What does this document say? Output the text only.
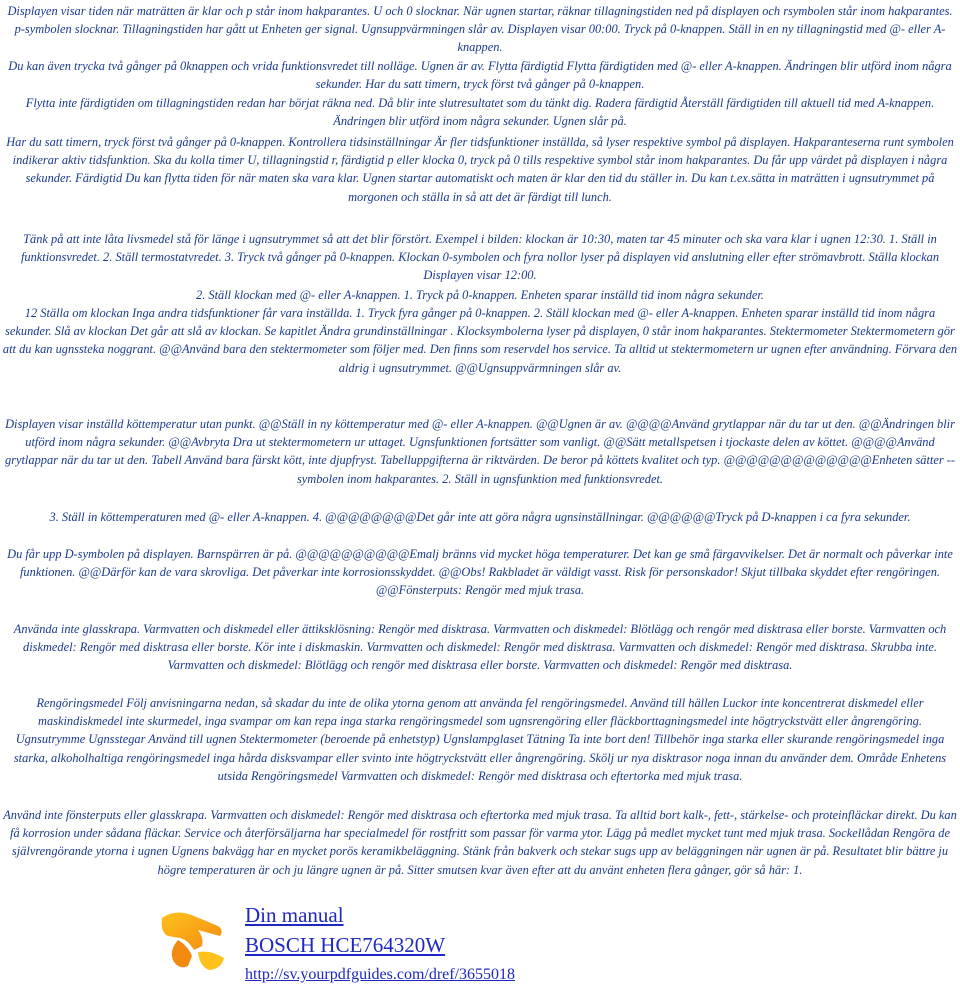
Displayen visar tiden när maträtten är klar och p står inom hakparantes. U och 0 slocknar. När ugnen startar, räknar tillagningstiden ned på displayen och rsymbolen står inom hakparantes. p-symbolen slocknar. Tillagningstiden har gått ut Enheten ger signal. Ugnsuppvärmningen slår av. Displayen visar 00:00. Tryck på 0-knappen. Ställ in en ny tillagningstid med @- eller A-knappen.

Du kan även trycka två gånger på 0knappen och vrida funktionsvredet till nolläge. Ugnen är av. Flytta färdigtid Flytta färdigtiden med @- eller A-knappen. Ändringen blir utförd inom några sekunder. Har du satt timern, tryck först två gånger på 0-knappen.

Flytta inte färdigtiden om tillagningstiden redan har börjat räkna ned. Då blir inte slutresultatet som du tänkt dig. Radera färdigtid Återställ färdigtiden till aktuell tid med A-knappen. Ändringen blir utförd inom några sekunder. Ugnen slår på.

Har du satt timern, tryck först två gånger på 0-knappen. Kontrollera tidsinställningar Är fler tidsfunktioner inställda, så lyser respektive symbol på displayen. Hakparanteserna runt symbolen indikerar aktiv tidsfunktion. Ska du kolla timer U, tillagningstid r, färdigtid p eller klocka 0, tryck på 0 tills respektive symbol står inom hakparantes. Du får upp värdet på displayen i några sekunder. Färdigtid Du kan flytta tiden för när maten ska vara klar. Ugnen startar automatiskt och maten är klar den tid du ställer in. Du kan t.ex.sätta in maträtten i ugnsutrymmet på morgonen och ställa in så att det är färdigt till lunch.

Tänk på att inte låta livsmedel stå för länge i ugnsutrymmet så att det blir förstört. Exempel i bilden: klockan är 10:30, maten tar 45 minuter och ska vara klar i ugnen 12:30. 1. Ställ in funktionsvredet. 2. Ställ termostatvredet. 3. Tryck två gånger på 0-knappen. Klockan 0-symbolen och fyra nollor lyser på displayen vid anslutning eller efter strömavbrott. Ställa klockan Displayen visar 12:00.

2. Ställ klockan med @- eller A-knappen. 1. Tryck på 0-knappen. Enheten sparar inställd tid inom några sekunder.

12 Ställa om klockan Inga andra tidsfunktioner får vara inställda. 1. Tryck fyra gånger på 0-knappen. 2. Ställ klockan med @- eller A-knappen. Enheten sparar inställd tid inom några sekunder. Slå av klockan Det går att slå av klockan. Se kapitlet Ändra grundinställningar . Klocksymbolerna lyser på displayen, 0 står inom hakparantes. Stektermometer Stektermometern gör att du kan ugnssteka noggrant. @@Använd bara den stektermometer som följer med. Den finns som reservdel hos service. Ta alltid ut stektermometern ur ugnen efter användning. Förvara den aldrig i ugnsutrymmet. @@Ugnsuppvärmningen slår av.

Displayen visar inställd köttemperatur utan punkt. @@Ställ in ny köttemperatur med @- eller A-knappen. @@Ugnen är av. @@@@Använd grytlappar när du tar ut den. @@Ändringen blir utförd inom några sekunder. @@Avbryta Dra ut stektermometern ur uttaget. Ugnsfunktionen fortsätter som vanligt. @@Sätt metallspetsen i tjockaste delen av köttet. @@@@Använd grytlappar när du tar ut den. Tabell Använd bara färskt kött, inte djupfryst. Tabelluppgifterna är riktvärden. De beror på köttets kvalitet och typ. @@@@@@@@@@@@@Enheten sätter --symbolen inom hakparantes. 2. Ställ in ugnsfunktion med funktionsvredet.

3. Ställ in köttemperaturen med @- eller A-knappen. 4. @@@@@@@@Det går inte att göra några ugnsinställningar. @@@@@@Tryck på D-knappen i ca fyra sekunder.

Du får upp D-symbolen på displayen. Barnspärren är på. @@@@@@@@@@Emalj bränns vid mycket höga temperaturer. Det kan ge små färgavvikelser. Det är normalt och påverkar inte funktionen. @@Därför kan de vara skrovliga. Det påverkar inte korrosionsskyddet. @@Obs! Rakbladet är väldigt vasst. Risk för personskador! Skjut tillbaka skyddet efter rengöringen. @@Fönsterputs: Rengör med mjuk trasa.

Använda inte glasskrapa. Varmvatten och diskmedel eller ättiksklösning: Rengör med disktrasa. Varmvatten och diskmedel: Blötlägg och rengör med disktrasa eller borste. Varmvatten och diskmedel: Rengör med disktrasa eller borste. Kör inte i diskmaskin. Varmvatten och diskmedel: Rengör med disktrasa. Varmvatten och diskmedel: Rengör med disktrasa. Skrubba inte. Varmvatten och diskmedel: Blötlägg och rengör med disktrasa eller borste. Varmvatten och diskmedel: Rengör med disktrasa.

Rengöringsmedel Följ anvisningarna nedan, så skadar du inte de olika ytorna genom att använda fel rengöringsmedel. Använd till hällen Luckor inte koncentrerat diskmedel eller maskindiskmedel inte skurmedel, inga svampar om kan repa inga starka rengöringsmedel som ugnsrengöring eller fläckborttagningsmedel inte högtryckstvätt eller ångrengöring. Ugnsutrymme Ugnsstegar Använd till ugnen Stektermometer (beroende på enhetstyp) Ugnslampglaset Tätning Ta inte bort den! Tillbehör inga starka eller skurande rengöringsmedel inga starka, alkoholhaltiga rengöringsmedel inga hårda disksvampar eller svinto inte högtryckstvätt eller ångrengöring. Skölj ur nya disktrasor noga innan du använder dem. Område Enhetens utsida Rengöringsmedel Varmvatten och diskmedel: Rengör med disktrasa och eftertorka med mjuk trasa.

Använd inte fönsterputs eller glasskrapa. Varmvatten och diskmedel: Rengör med disktrasa och eftertorka med mjuk trasa. Ta alltid bort kalk-, fett-, stärkelse- och proteinfläckar direkt. Du kan få korrosion under sådana fläckar. Service och återförsäljarna har specialmedel för rostfritt som passar för varma ytor. Lägg på medlet mycket tunt med mjuk trasa. Sockellådan Rengöra de självrengörande ytorna i ugnen Ugnens bakvägg har en mycket porös keramikbeläggning. Stänk från bakverk och stekar sugs upp av beläggningen när ugnen är på. Resultatet blir bättre ju högre temperaturen är och ju längre ugnen är på. Sitter smutsen kvar även efter att du använt enheten flera gånger, gör så här: 1.

Din manual
BOSCH HCE764320W
http://sv.yourpdfguides.com/dref/3655018
